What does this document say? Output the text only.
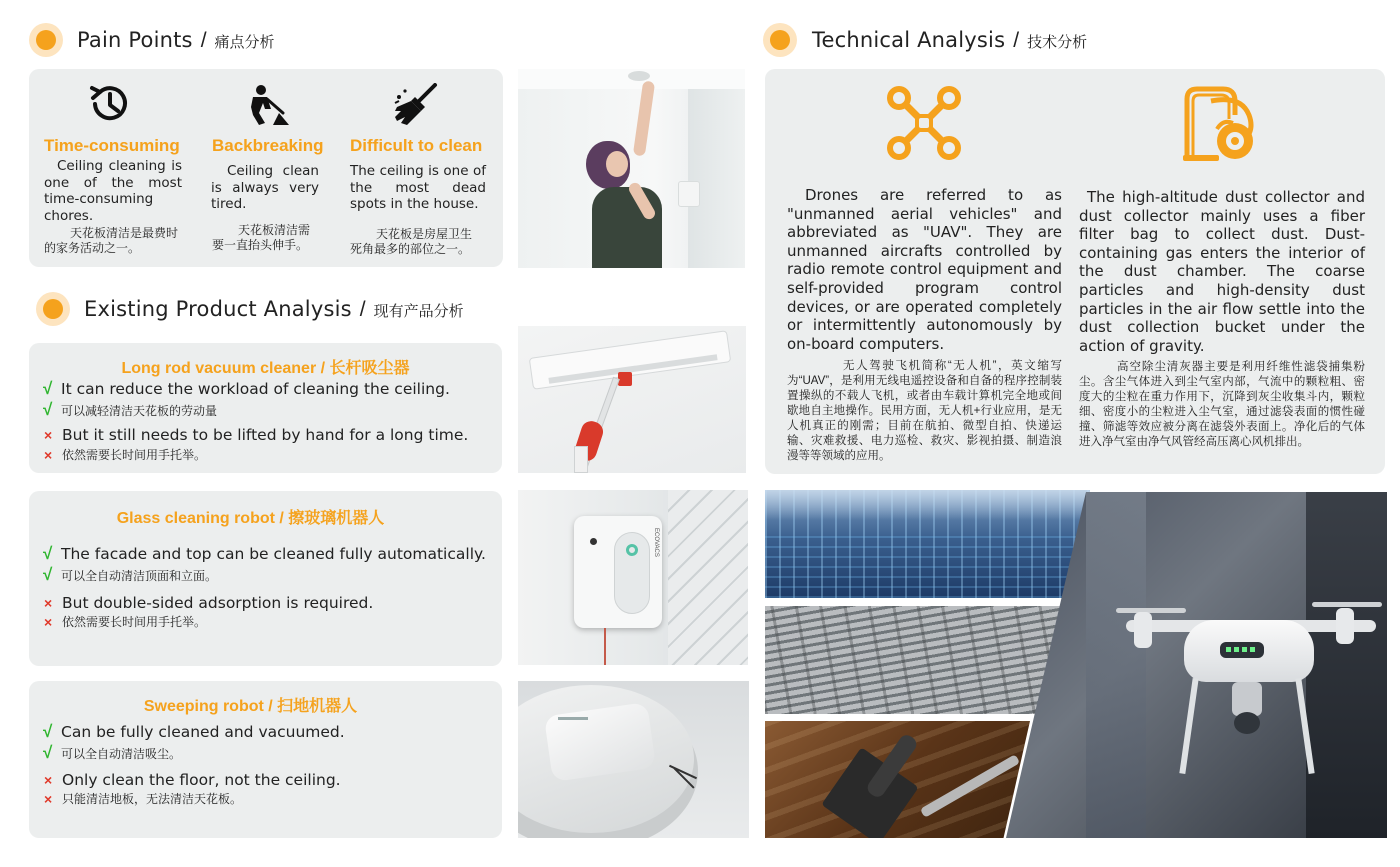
Pain Points / 痛点分析
Time-consuming
Ceiling cleaning is one of the most time-consuming chores.
天花板清洁是最费时的家务活动之一。
Backbreaking
Ceiling clean is always very tired.
天花板清洁需要一直抬头伸手。
Difficult to clean
The ceiling is one of the most dead spots in the house.
天花板是房屋卫生死角最多的部位之一。
Existing Product Analysis / 现有产品分析
Long rod vacuum cleaner / 长杆吸尘器
√ It can reduce the workload of cleaning the ceiling.
√ 可以减轻清洁天花板的劳动量
× But it still needs to be lifted by hand for a long time.
× 依然需要长时间用手托举。
Glass cleaning robot / 擦玻璃机器人
√ The facade and top can be cleaned fully automatically.
√ 可以全自动清洁顶面和立面。
× But double-sided adsorption is required.
× 依然需要长时间用手托举。
Sweeping robot / 扫地机器人
√ Can be fully cleaned and vacuumed.
√ 可以全自动清洁吸尘。
× Only clean the floor, not the ceiling.
× 只能清洁地板，无法清洁天花板。
ECOVACS
Technical Analysis / 技术分析
Drones are referred to as "unmanned aerial vehicles" and abbreviated as "UAV". They are unmanned aircrafts controlled by radio remote control equipment and self-provided program control devices, or are operated completely or intermittently autonomously by on-board computers.
无人驾驶飞机简称“无人机”，英文缩写为“UAV”，是利用无线电遥控设备和自备的程序控制装置操纵的不载人飞机，或者由车载计算机完全地或间歇地自主地操作。民用方面，无人机+行业应用，是无人机真正的刚需；目前在航拍、微型自拍、快递运输、灾难救援、电力巡检、救灾、影视拍摄、制造浪漫等等领域的应用。
The high-altitude dust collector and dust collector mainly uses a fiber filter bag to collect dust. Dust-containing gas enters the interior of the dust chamber. The coarse particles and high-density dust particles in the air flow settle into the dust collection bucket under the action of gravity.
高空除尘清灰器主要是利用纤维性滤袋捕集粉尘。含尘气体进入到尘气室内部，气流中的颗粒粗、密度大的尘粒在重力作用下，沉降到灰尘收集斗内，颗粒细、密度小的尘粒进入尘气室，通过滤袋表面的惯性碰撞、筛滤等效应被分离在滤袋外表面上。净化后的气体进入净气室由净气风管经高压离心风机排出。
